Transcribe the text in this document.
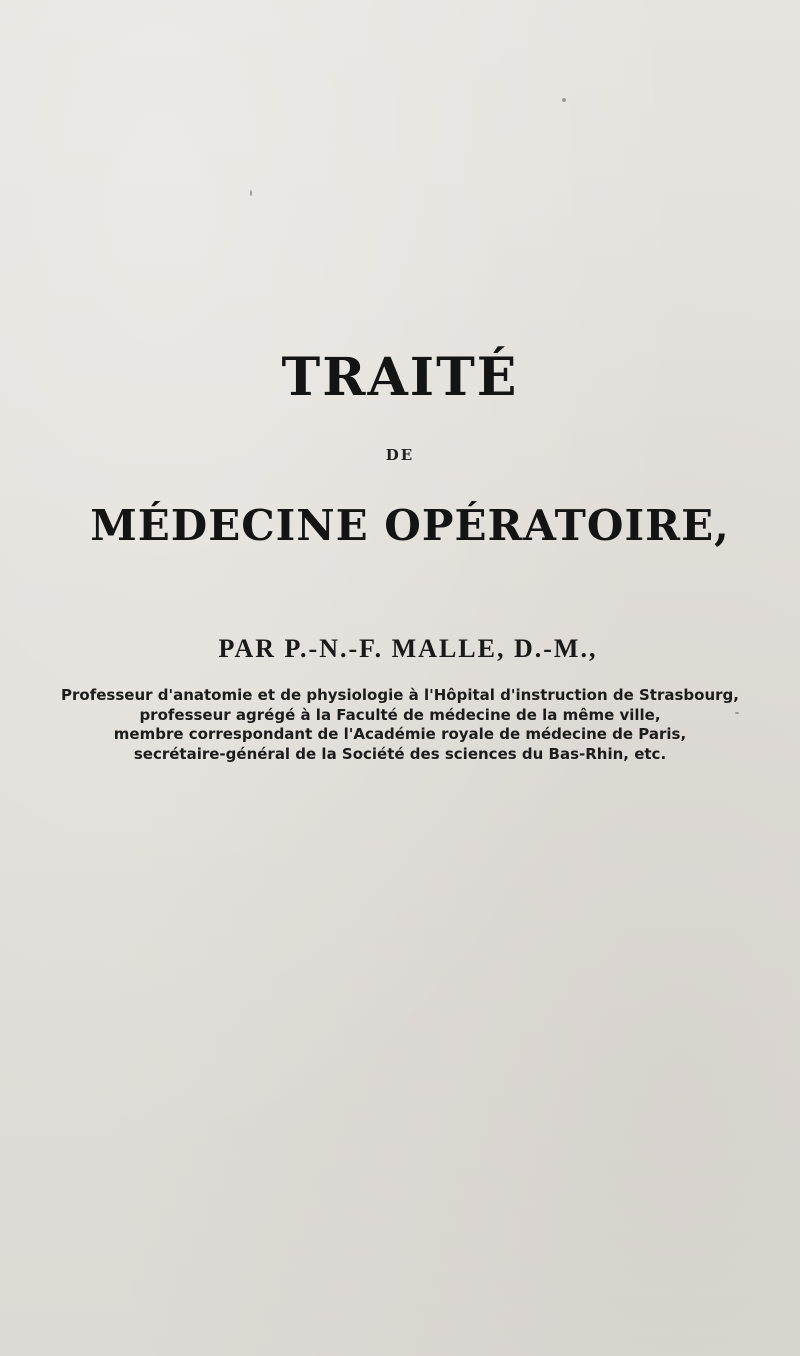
TRAITÉ
DE
MÉDECINE OPÉRATOIRE,
PAR P.-N.-F. MALLE, D.-M.,
Professeur d'anatomie et de physiologie à l'Hôpital d'instruction de Strasbourg,
professeur agrégé à la Faculté de médecine de la même ville,
membre correspondant de l'Académie royale de médecine de Paris,
secrétaire-général de la Société des sciences du Bas-Rhin, etc.
